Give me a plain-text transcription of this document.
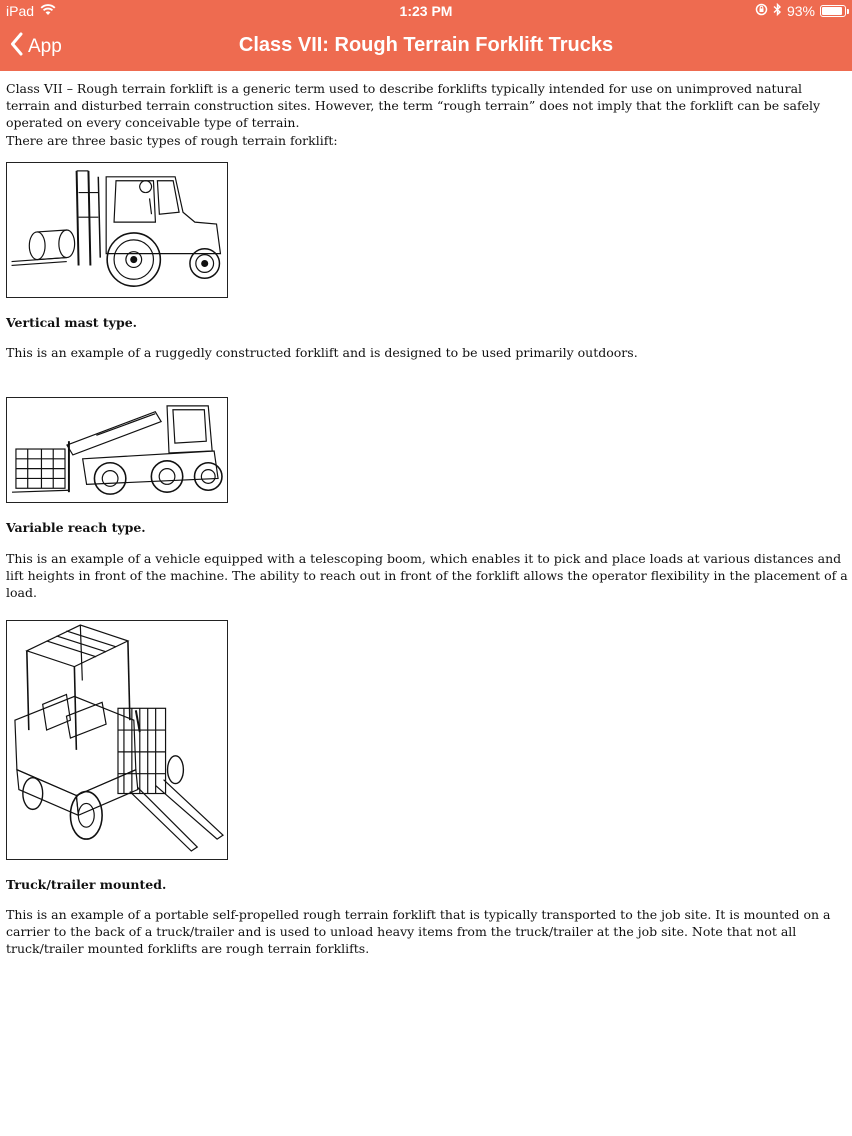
iPad	1:23 PM	93%
App	Class VII: Rough Terrain Forklift Trucks

Class VII – Rough terrain forklift is a generic term used to describe forklifts typically intended for use on unimproved natural terrain and disturbed terrain construction sites. However, the term “rough terrain” does not imply that the forklift can be safely operated on every conceivable type of terrain.

There are three basic types of rough terrain forklift:

Vertical mast type.

This is an example of a ruggedly constructed forklift and is designed to be used primarily outdoors.

Variable reach type.

This is an example of a vehicle equipped with a telescoping boom, which enables it to pick and place loads at various distances and lift heights in front of the machine. The ability to reach out in front of the forklift allows the operator flexibility in the placement of a load.

Truck/trailer mounted.

This is an example of a portable self-propelled rough terrain forklift that is typically transported to the job site. It is mounted on a carrier to the back of a truck/trailer and is used to unload heavy items from the truck/trailer at the job site. Note that not all truck/trailer mounted forklifts are rough terrain forklifts.
